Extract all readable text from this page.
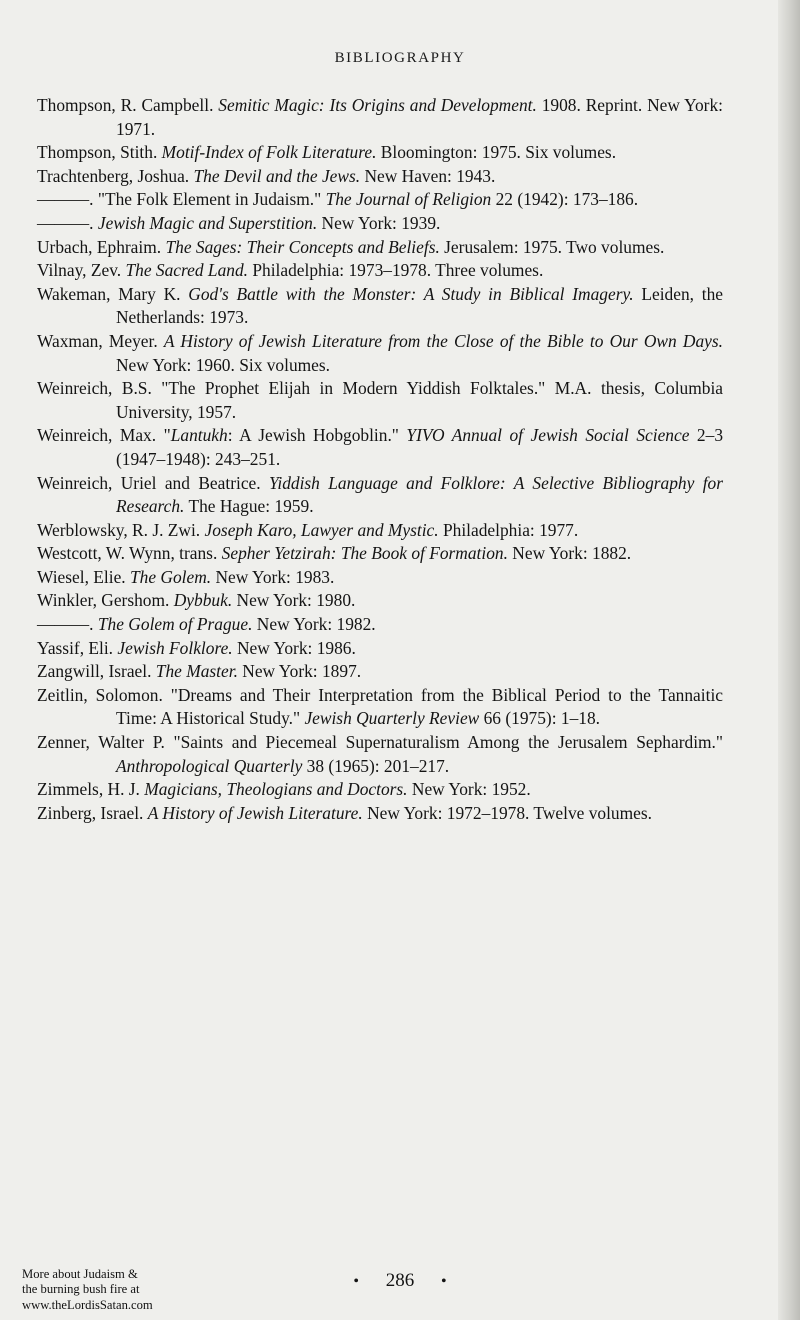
BIBLIOGRAPHY

Thompson, R. Campbell. Semitic Magic: Its Origins and Development. 1908. Reprint. New York: 1971.

Thompson, Stith. Motif-Index of Folk Literature. Bloomington: 1975. Six volumes.

Trachtenberg, Joshua. The Devil and the Jews. New Haven: 1943.

———. "The Folk Element in Judaism." The Journal of Religion 22 (1942): 173–186.

———. Jewish Magic and Superstition. New York: 1939.

Urbach, Ephraim. The Sages: Their Concepts and Beliefs. Jerusalem: 1975. Two volumes.

Vilnay, Zev. The Sacred Land. Philadelphia: 1973–1978. Three volumes.

Wakeman, Mary K. God's Battle with the Monster: A Study in Biblical Imagery. Leiden, the Netherlands: 1973.

Waxman, Meyer. A History of Jewish Literature from the Close of the Bible to Our Own Days. New York: 1960. Six volumes.

Weinreich, B.S. "The Prophet Elijah in Modern Yiddish Folktales." M.A. thesis, Columbia University, 1957.

Weinreich, Max. "Lantukh: A Jewish Hobgoblin." YIVO Annual of Jewish Social Science 2–3 (1947–1948): 243–251.

Weinreich, Uriel and Beatrice. Yiddish Language and Folklore: A Selective Bibliography for Research. The Hague: 1959.

Werblowsky, R. J. Zwi. Joseph Karo, Lawyer and Mystic. Philadelphia: 1977.

Westcott, W. Wynn, trans. Sepher Yetzirah: The Book of Formation. New York: 1882.

Wiesel, Elie. The Golem. New York: 1983.

Winkler, Gershom. Dybbuk. New York: 1980.

———. The Golem of Prague. New York: 1982.

Yassif, Eli. Jewish Folklore. New York: 1986.

Zangwill, Israel. The Master. New York: 1897.

Zeitlin, Solomon. "Dreams and Their Interpretation from the Biblical Period to the Tannaitic Time: A Historical Study." Jewish Quarterly Review 66 (1975): 1–18.

Zenner, Walter P. "Saints and Piecemeal Supernaturalism Among the Jerusalem Sephardim." Anthropological Quarterly 38 (1965): 201–217.

Zimmels, H. J. Magicians, Theologians and Doctors. New York: 1952.

Zinberg, Israel. A History of Jewish Literature. New York: 1972–1978. Twelve volumes.

• 286 •
More about Judaism &
the burning bush fire at
www.theLordisSatan.com
